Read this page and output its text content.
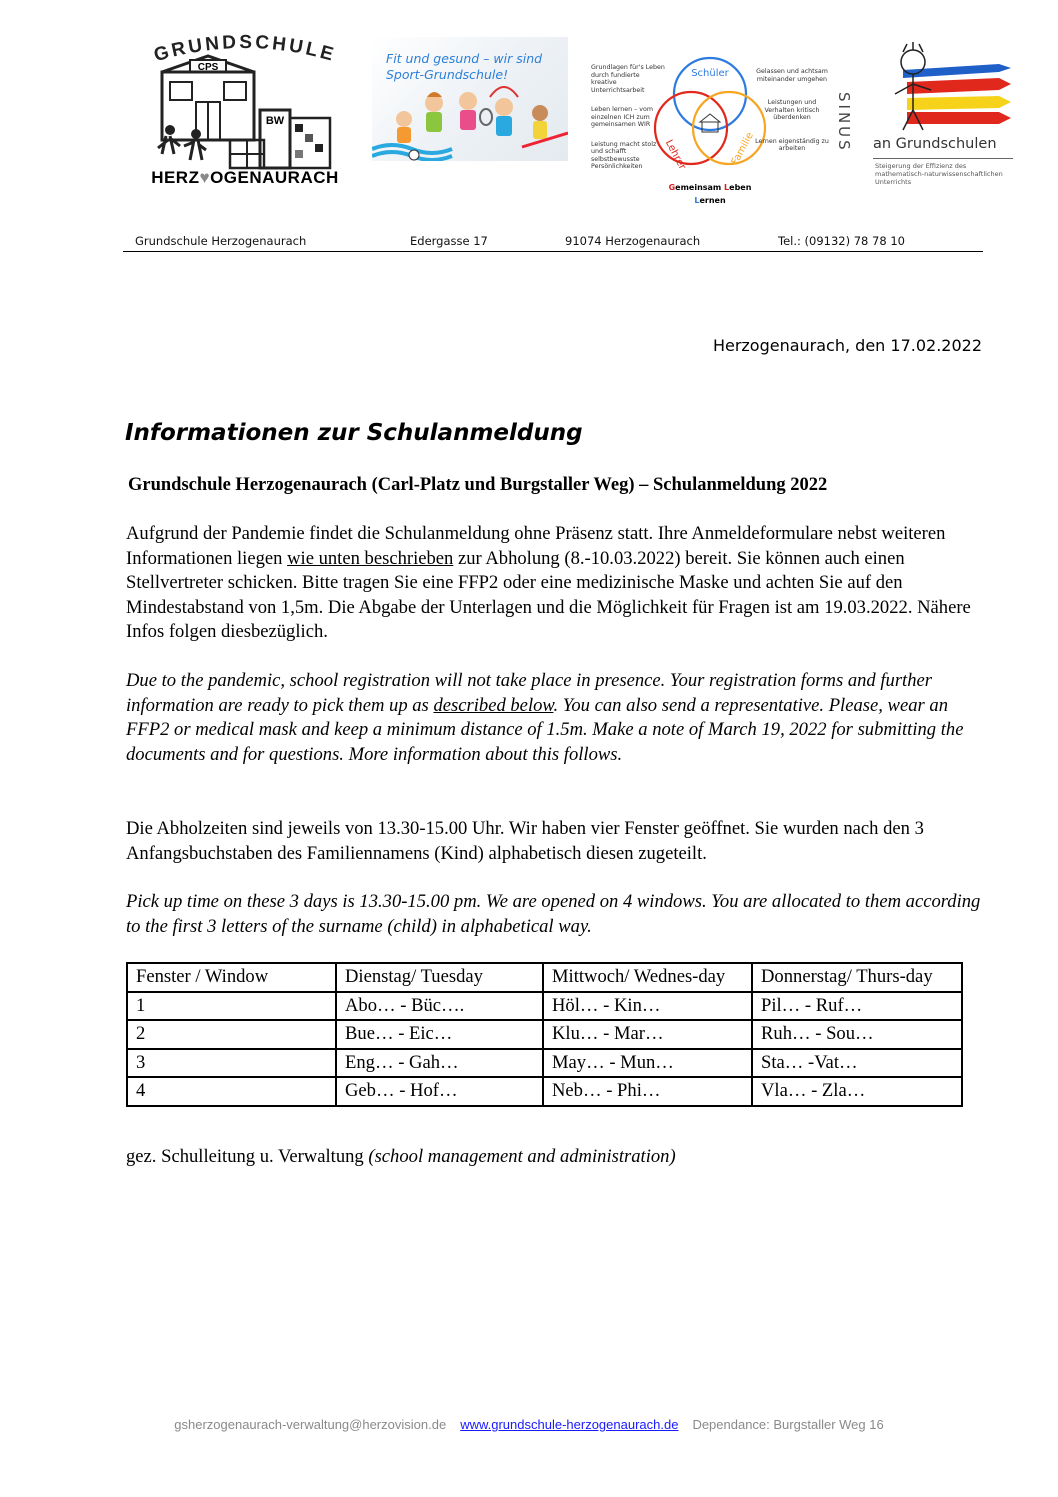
GRUNDSCHULE
CPS
BW
HERZ♥OGENAURACH
Fit und gesund – wir sind
Sport-Grundschule!	Schüler
Lehrer	Familie
Grundlagen für's Leben durch fundierte kreative Unterrichtsarbeit
Leben lernen – vom einzelnen ICH zum gemeinsamen WIR
Leistung macht stolz und schafft selbstbewusste Persönlichkeiten
Gelassen und achtsam miteinander umgehen
Leistungen und Verhalten kritisch überdenken
Lernen eigenständig zu arbeiten
Gemeinsam Leben
Lernen
SINUS an Grundschulen
Steigerung der Effizienz des mathematisch-naturwissenschaftlichen Unterrichts
Grundschule Herzogenaurach	Edergasse 17	91074 Herzogenaurach	Tel.: (09132) 78 78 10
Herzogenaurach, den 17.02.2022
Informationen zur Schulanmeldung
Grundschule Herzogenaurach (Carl-Platz und Burgstaller Weg) – Schulanmeldung 2022

Aufgrund der Pandemie findet die Schulanmeldung ohne Präsenz statt. Ihre Anmeldeformulare nebst weiteren Informationen liegen wie unten beschrieben zur Abholung (8.-10.03.2022) bereit. Sie können auch einen Stellvertreter schicken. Bitte tragen Sie eine FFP2 oder eine medizinische Maske und achten Sie auf den Mindestabstand von 1,5m. Die Abgabe der Unterlagen und die Möglichkeit für Fragen ist am 19.03.2022. Nähere Infos folgen diesbezüglich.

Due to the pandemic, school registration will not take place in presence. Your registration forms and further information are ready to pick them up as described below. You can also send a representative. Please, wear an FFP2 or medical mask and keep a minimum distance of 1.5m. Make a note of March 19, 2022 for submitting the documents and for questions. More information about this follows.

Die Abholzeiten sind jeweils von 13.30-15.00 Uhr. Wir haben vier Fenster geöffnet. Sie wurden nach den 3 Anfangsbuchstaben des Familiennamens (Kind) alphabetisch diesen zugeteilt.

Pick up time on these 3 days is 13.30-15.00 pm. We are opened on 4 windows. You are allocated to them according to the first 3 letters of the surname (child) in alphabetical way.

Fenster / Window	Dienstag/ Tuesday	Mittwoch/ Wednes-day	Donnerstag/ Thurs-day
1	Abo… - Büc….	Höl… - Kin…	Pil… - Ruf…
2	Bue… - Eic…	Klu… - Mar…	Ruh… - Sou…
3	Eng… - Gah…	May… - Mun…	Sta… -Vat…
4	Geb… - Hof…	Neb… - Phi…	Vla… - Zla…

gez. Schulleitung u. Verwaltung (school management and administration)

gsherzogenaurach-verwaltung@herzovision.de www.grundschule-herzogenaurach.de Dependance: Burgstaller Weg 16
